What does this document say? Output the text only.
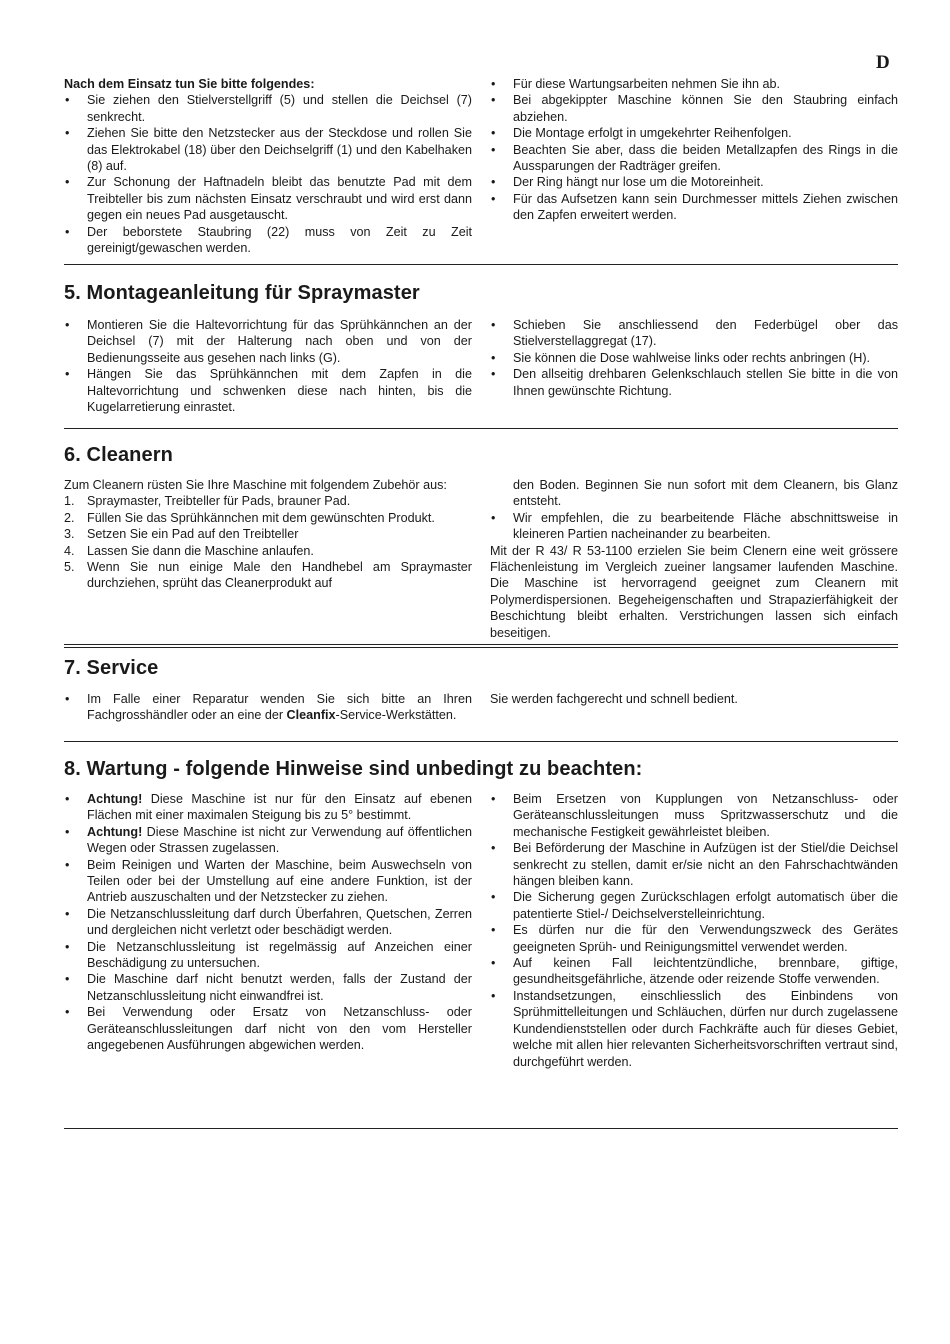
D
Nach dem Einsatz tun Sie bitte folgendes:
• Sie ziehen den Stielverstellgriff (5) und stellen die Deichsel (7) senkrecht.
• Ziehen Sie bitte den Netzstecker aus der Steckdose und rollen Sie das Elektrokabel (18) über den Deichselgriff (1) und den Kabelhaken (8) auf.
• Zur Schonung der Haftnadeln bleibt das benutzte Pad mit dem Treibteller bis zum nächsten Einsatz verschraubt und wird erst dann gegen ein neues Pad ausgetauscht.
• Der beborstete Staubring (22) muss von Zeit zu Zeit gereinigt/gewaschen werden.
• Für diese Wartungsarbeiten nehmen Sie ihn ab.
• Bei abgekippter Maschine können Sie den Staubring einfach abziehen.
• Die Montage erfolgt in umgekehrter Reihenfolgen.
• Beachten Sie aber, dass die beiden Metallzapfen des Rings in die Aussparungen der Radträger greifen.
• Der Ring hängt nur lose um die Motoreinheit.
• Für das Aufsetzen kann sein Durchmesser mittels Ziehen zwischen den Zapfen erweitert werden.
5. Montageanleitung für Spraymaster
• Montieren Sie die Haltevorrichtung für das Sprühkännchen an der Deichsel (7) mit der Halterung nach oben und von der Bedienungsseite aus gesehen nach links (G).
• Hängen Sie das Sprühkännchen mit dem Zapfen in die Haltevorrichtung und schwenken diese nach hinten, bis die Kugelarretierung einrastet.
• Schieben Sie anschliessend den Federbügel ober das Stielverstellaggregat (17).
• Sie können die Dose wahlweise links oder rechts anbringen (H).
• Den allseitig drehbaren Gelenkschlauch stellen Sie bitte in die von Ihnen gewünschte Richtung.
6. Cleanern

Zum Cleanern rüsten Sie Ihre Maschine mit folgendem Zubehör aus:

1. Spraymaster, Treibteller für Pads, brauner Pad.
2. Füllen Sie das Sprühkännchen mit dem gewünschten Produkt.
3. Setzen Sie ein Pad auf den Treibteller
4. Lassen Sie dann die Maschine anlaufen.
5. Wenn Sie nun einige Male den Handhebel am Spraymaster durchziehen, sprüht das Cleanerprodukt auf

den Boden. Beginnen Sie nun sofort mit dem Cleanern, bis Glanz entsteht.

• Wir empfehlen, die zu bearbeitende Fläche abschnittsweise in kleineren Partien nacheinander zu bearbeiten.

Mit der R 43/ R 53-1100 erzielen Sie beim Clenern eine weit grössere Flächenleistung im Vergleich zueiner langsamer laufenden Maschine. Die Maschine ist hervorragend geeignet zum Cleanern mit Polymerdispersionen. Begeheigenschaften und Strapazierfähigkeit der Beschichtung bleibt erhalten. Verstrichungen lassen sich einfach beseitigen.

7. Service
• Im Falle einer Reparatur wenden Sie sich bitte an Ihren Fachgrosshändler oder an eine der Cleanfix-Service-Werkstätten.

Sie werden fachgerecht und schnell bedient.

8. Wartung - folgende Hinweise sind unbedingt zu beachten:
• Achtung! Diese Maschine ist nur für den Einsatz auf ebenen Flächen mit einer maximalen Steigung bis zu 5° bestimmt.
• Achtung! Diese Maschine ist nicht zur Verwendung auf öffentlichen Wegen oder Strassen zugelassen.
• Beim Reinigen und Warten der Maschine, beim Auswechseln von Teilen oder bei der Umstellung auf eine andere Funktion, ist der Antrieb auszuschalten und der Netzstecker zu ziehen.
• Die Netzanschlussleitung darf durch Überfahren, Quetschen, Zerren und dergleichen nicht verletzt oder beschädigt werden.
• Die Netzanschlussleitung ist regelmässig auf Anzeichen einer Beschädigung zu untersuchen.
• Die Maschine darf nicht benutzt werden, falls der Zustand der Netzanschlussleitung nicht einwandfrei ist.
• Bei Verwendung oder Ersatz von Netzanschluss- oder Geräteanschlussleitungen darf nicht von den vom Hersteller angegebenen Ausführungen abgewichen werden.
• Beim Ersetzen von Kupplungen von Netzanschluss- oder Geräteanschlussleitungen muss Spritzwasserschutz und die mechanische Festigkeit gewährleistet bleiben.
• Bei Beförderung der Maschine in Aufzügen ist der Stiel/die Deichsel senkrecht zu stellen, damit er/sie nicht an den Fahrschachtwänden hängen bleiben kann.
• Die Sicherung gegen Zurückschlagen erfolgt automatisch über die patentierte Stiel-/ Deichselverstelleinrichtung.
• Es dürfen nur die für den Verwendungszweck des Gerätes geeigneten Sprüh- und Reinigungsmittel verwendet werden.
• Auf keinen Fall leichtentzündliche, brennbare, giftige, gesundheitsgefährliche, ätzende oder reizende Stoffe verwenden.
• Instandsetzungen, einschliesslich des Einbindens von Sprühmittelleitungen und Schläuchen, dürfen nur durch zugelassene Kundendienststellen oder durch Fachkräfte auch für dieses Gebiet, welche mit allen hier relevanten Sicherheitsvorschriften vertraut sind, durchgeführt werden.
